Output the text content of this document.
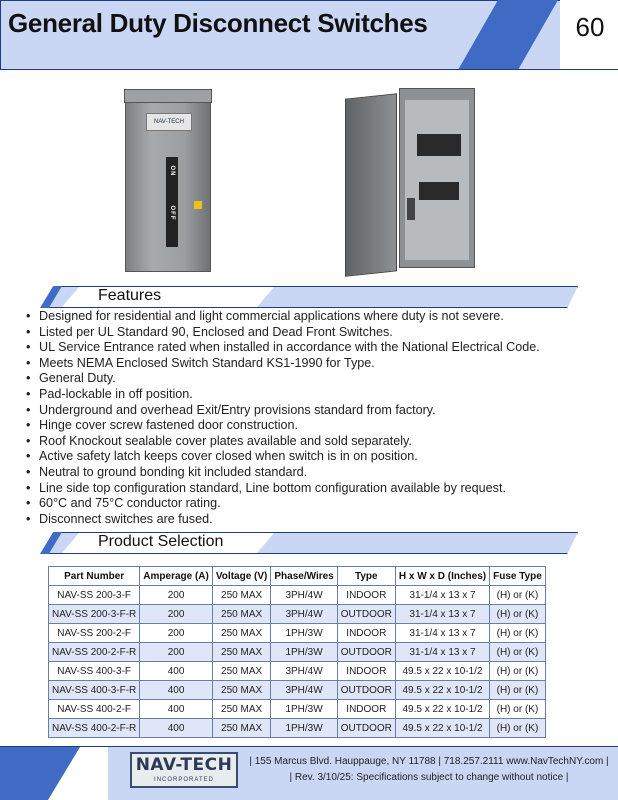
General Duty Disconnect Switches	60
NAV-TECH
ON
OFF
Features
• Designed for residential and light commercial applications where duty is not severe.
• Listed per UL Standard 90, Enclosed and Dead Front Switches.
• UL Service Entrance rated when installed in accordance with the National Electrical Code.
• Meets NEMA Enclosed Switch Standard KS1-1990 for Type.
• General Duty.
• Pad-lockable in off position.
• Underground and overhead Exit/Entry provisions standard from factory.
• Hinge cover screw fastened door construction.
• Roof Knockout sealable cover plates available and sold separately.
• Active safety latch keeps cover closed when switch is in on position.
• Neutral to ground bonding kit included standard.
• Line side top configuration standard, Line bottom configuration available by request.
• 60°C and 75°C conductor rating.
• Disconnect switches are fused.
Product Selection
Part Number	Amperage (A)	Voltage (V)	Phase/Wires	Type	H x W x D (Inches)	Fuse Type
NAV-SS 200-3-F	200	250 MAX	3PH/4W	INDOOR	31-1/4 x 13 x 7	(H) or (K)
NAV-SS 200-3-F-R	200	250 MAX	3PH/4W	OUTDOOR	31-1/4 x 13 x 7	(H) or (K)
NAV-SS 200-2-F	200	250 MAX	1PH/3W	INDOOR	31-1/4 x 13 x 7	(H) or (K)
NAV-SS 200-2-F-R	200	250 MAX	1PH/3W	OUTDOOR	31-1/4 x 13 x 7	(H) or (K)
NAV-SS 400-3-F	400	250 MAX	3PH/4W	INDOOR	49.5 x 22 x 10-1/2	(H) or (K)
NAV-SS 400-3-F-R	400	250 MAX	3PH/4W	OUTDOOR	49.5 x 22 x 10-1/2	(H) or (K)
NAV-SS 400-2-F	400	250 MAX	1PH/3W	INDOOR	49.5 x 22 x 10-1/2	(H) or (K)
NAV-SS 400-2-F-R	400	250 MAX	1PH/3W	OUTDOOR	49.5 x 22 x 10-1/2	(H) or (K)
NAV-TECH
INCORPORATED
| 155 Marcus Blvd. Hauppauge, NY 11788 | 718.257.2111 www.NavTechNY.com |
| Rev. 3/10/25: Specifications subject to change without notice |
